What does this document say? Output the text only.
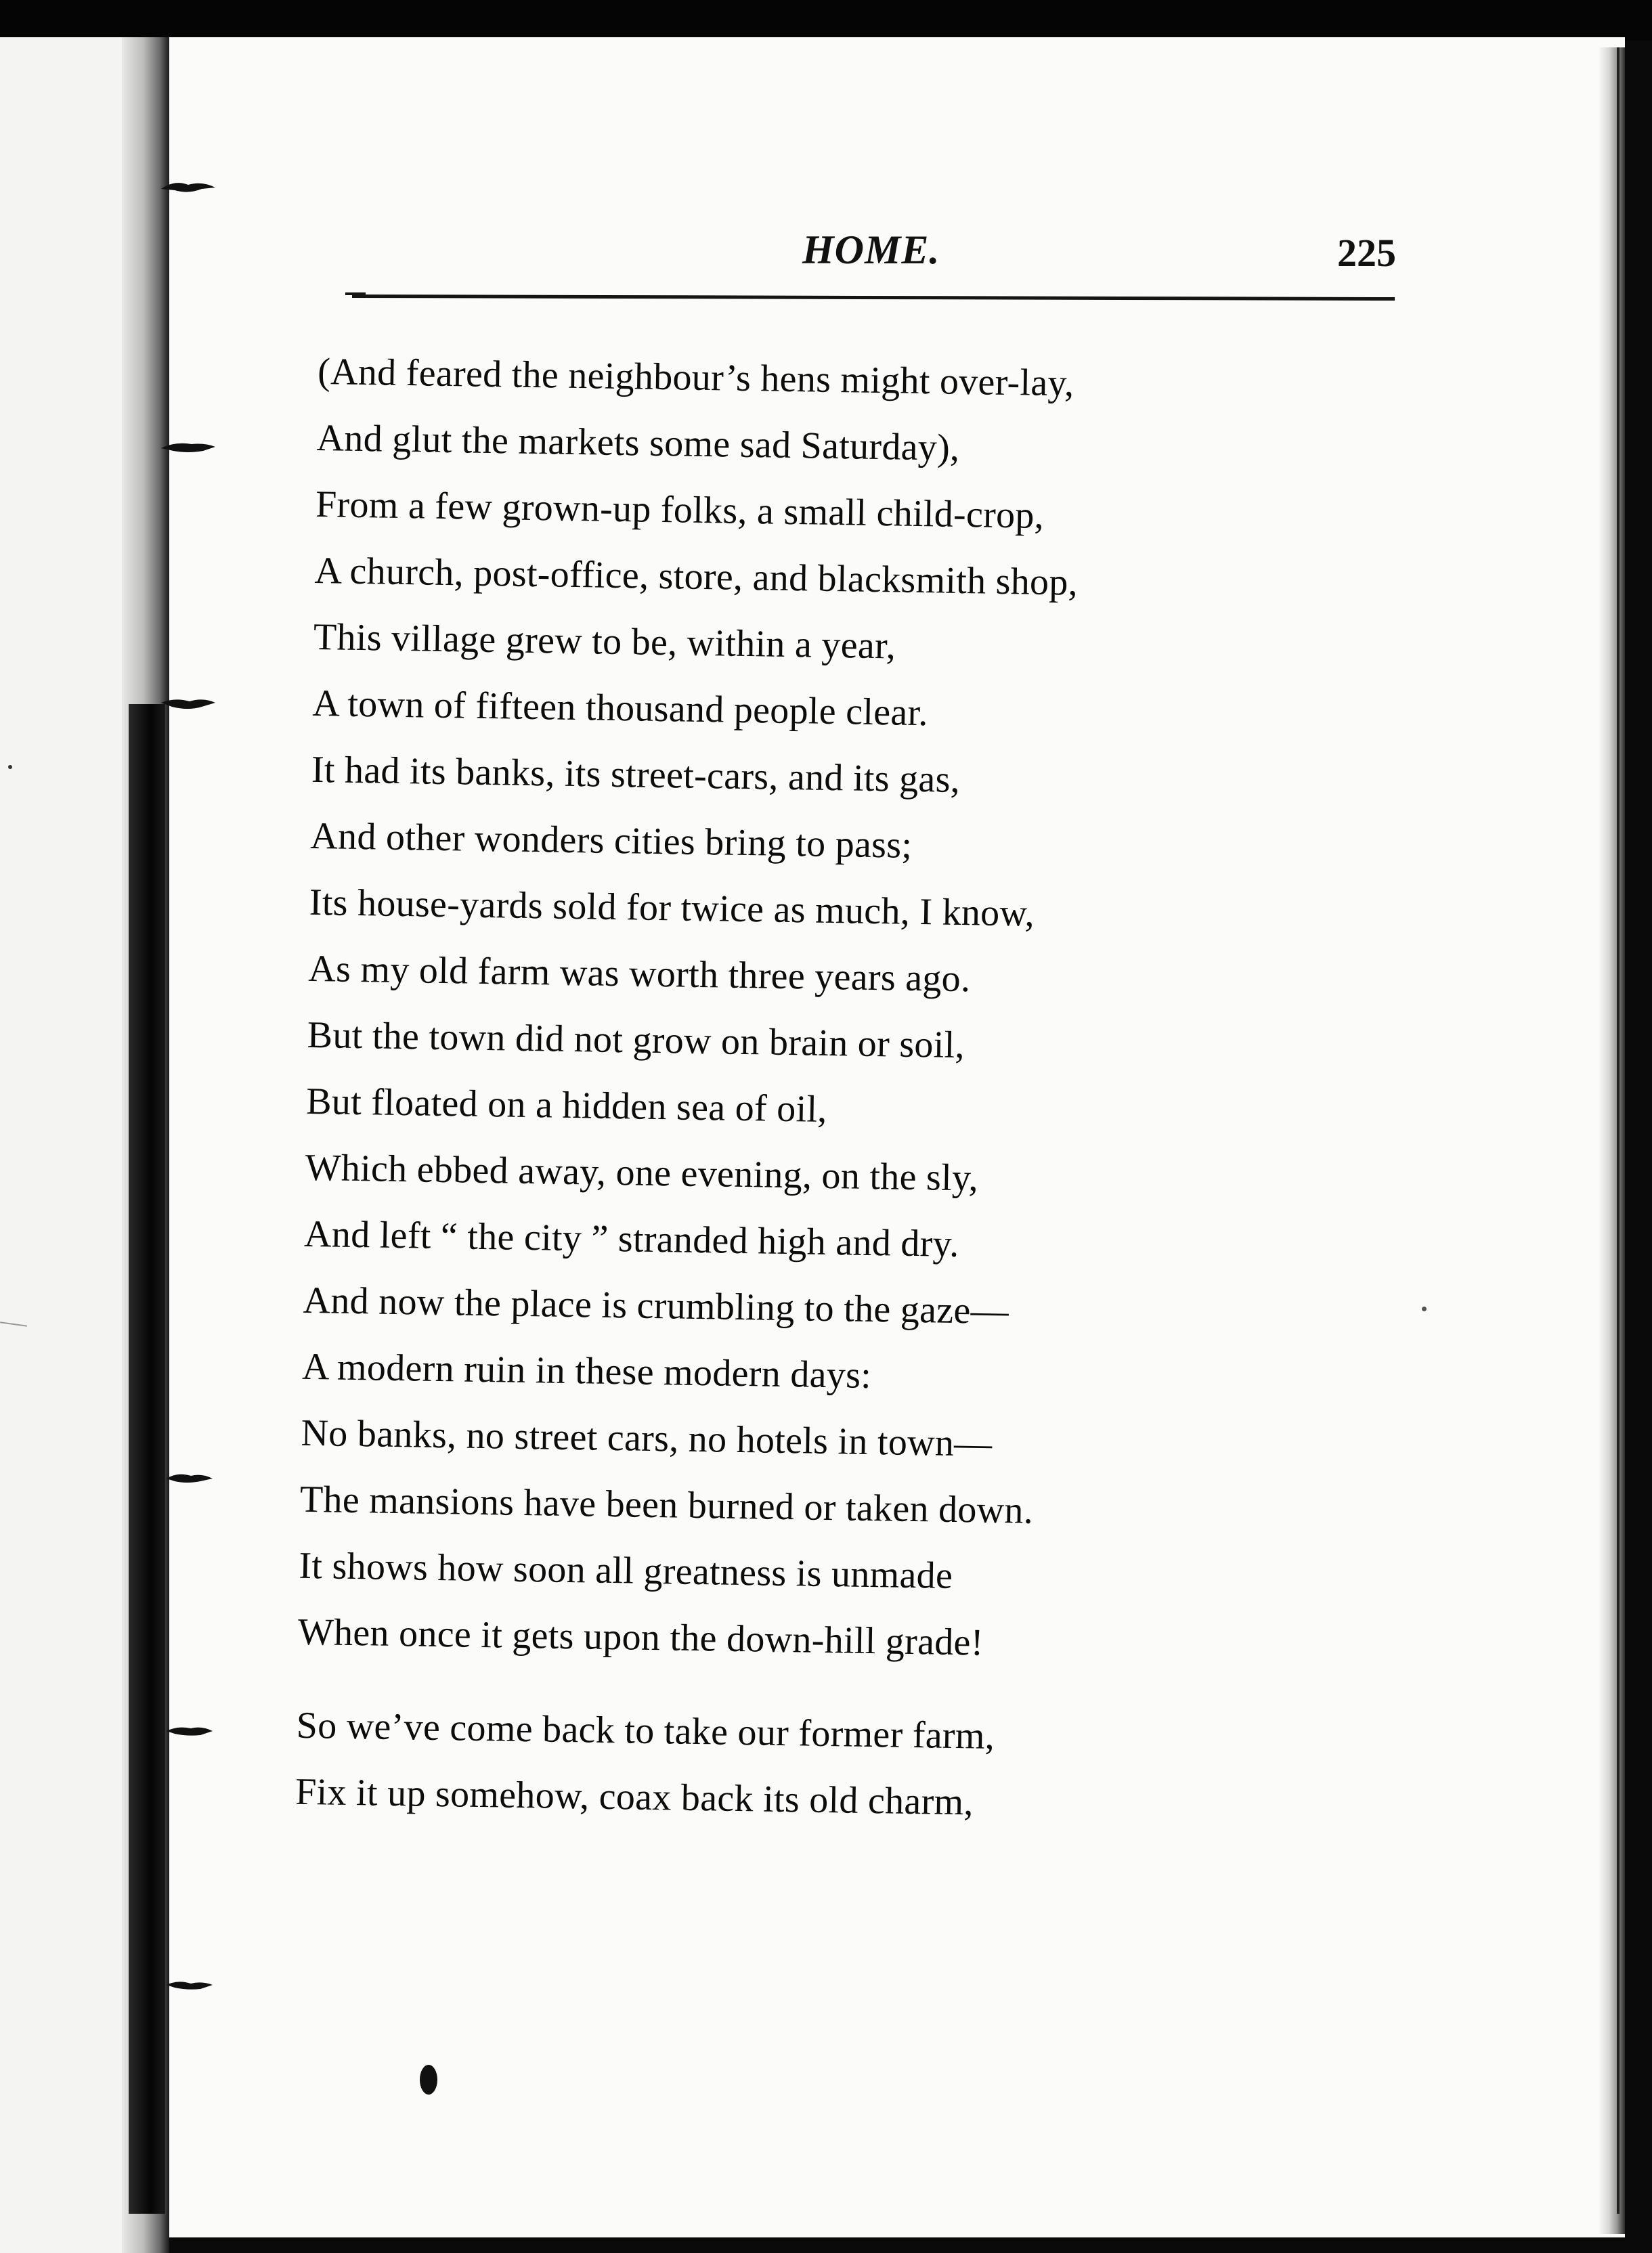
HOME.	225
(And feared the neighbour’s hens might over-lay,
And glut the markets some sad Saturday),
From a few grown-up folks, a small child-crop,
A church, post-office, store, and blacksmith shop,
This village grew to be, within a year,
A town of fifteen thousand people clear.
It had its banks, its street-cars, and its gas,
And other wonders cities bring to pass;
Its house-yards sold for twice as much, I know,
As my old farm was worth three years ago.
But the town did not grow on brain or soil,
But floated on a hidden sea of oil,
Which ebbed away, one evening, on the sly,
And left “ the city ” stranded high and dry.
And now the place is crumbling to the gaze—
A modern ruin in these modern days:
No banks, no street cars, no hotels in town—
The mansions have been burned or taken down.
It shows how soon all greatness is unmade
When once it gets upon the down-hill grade!
So we’ve come back to take our former farm,
Fix it up somehow, coax back its old charm,
